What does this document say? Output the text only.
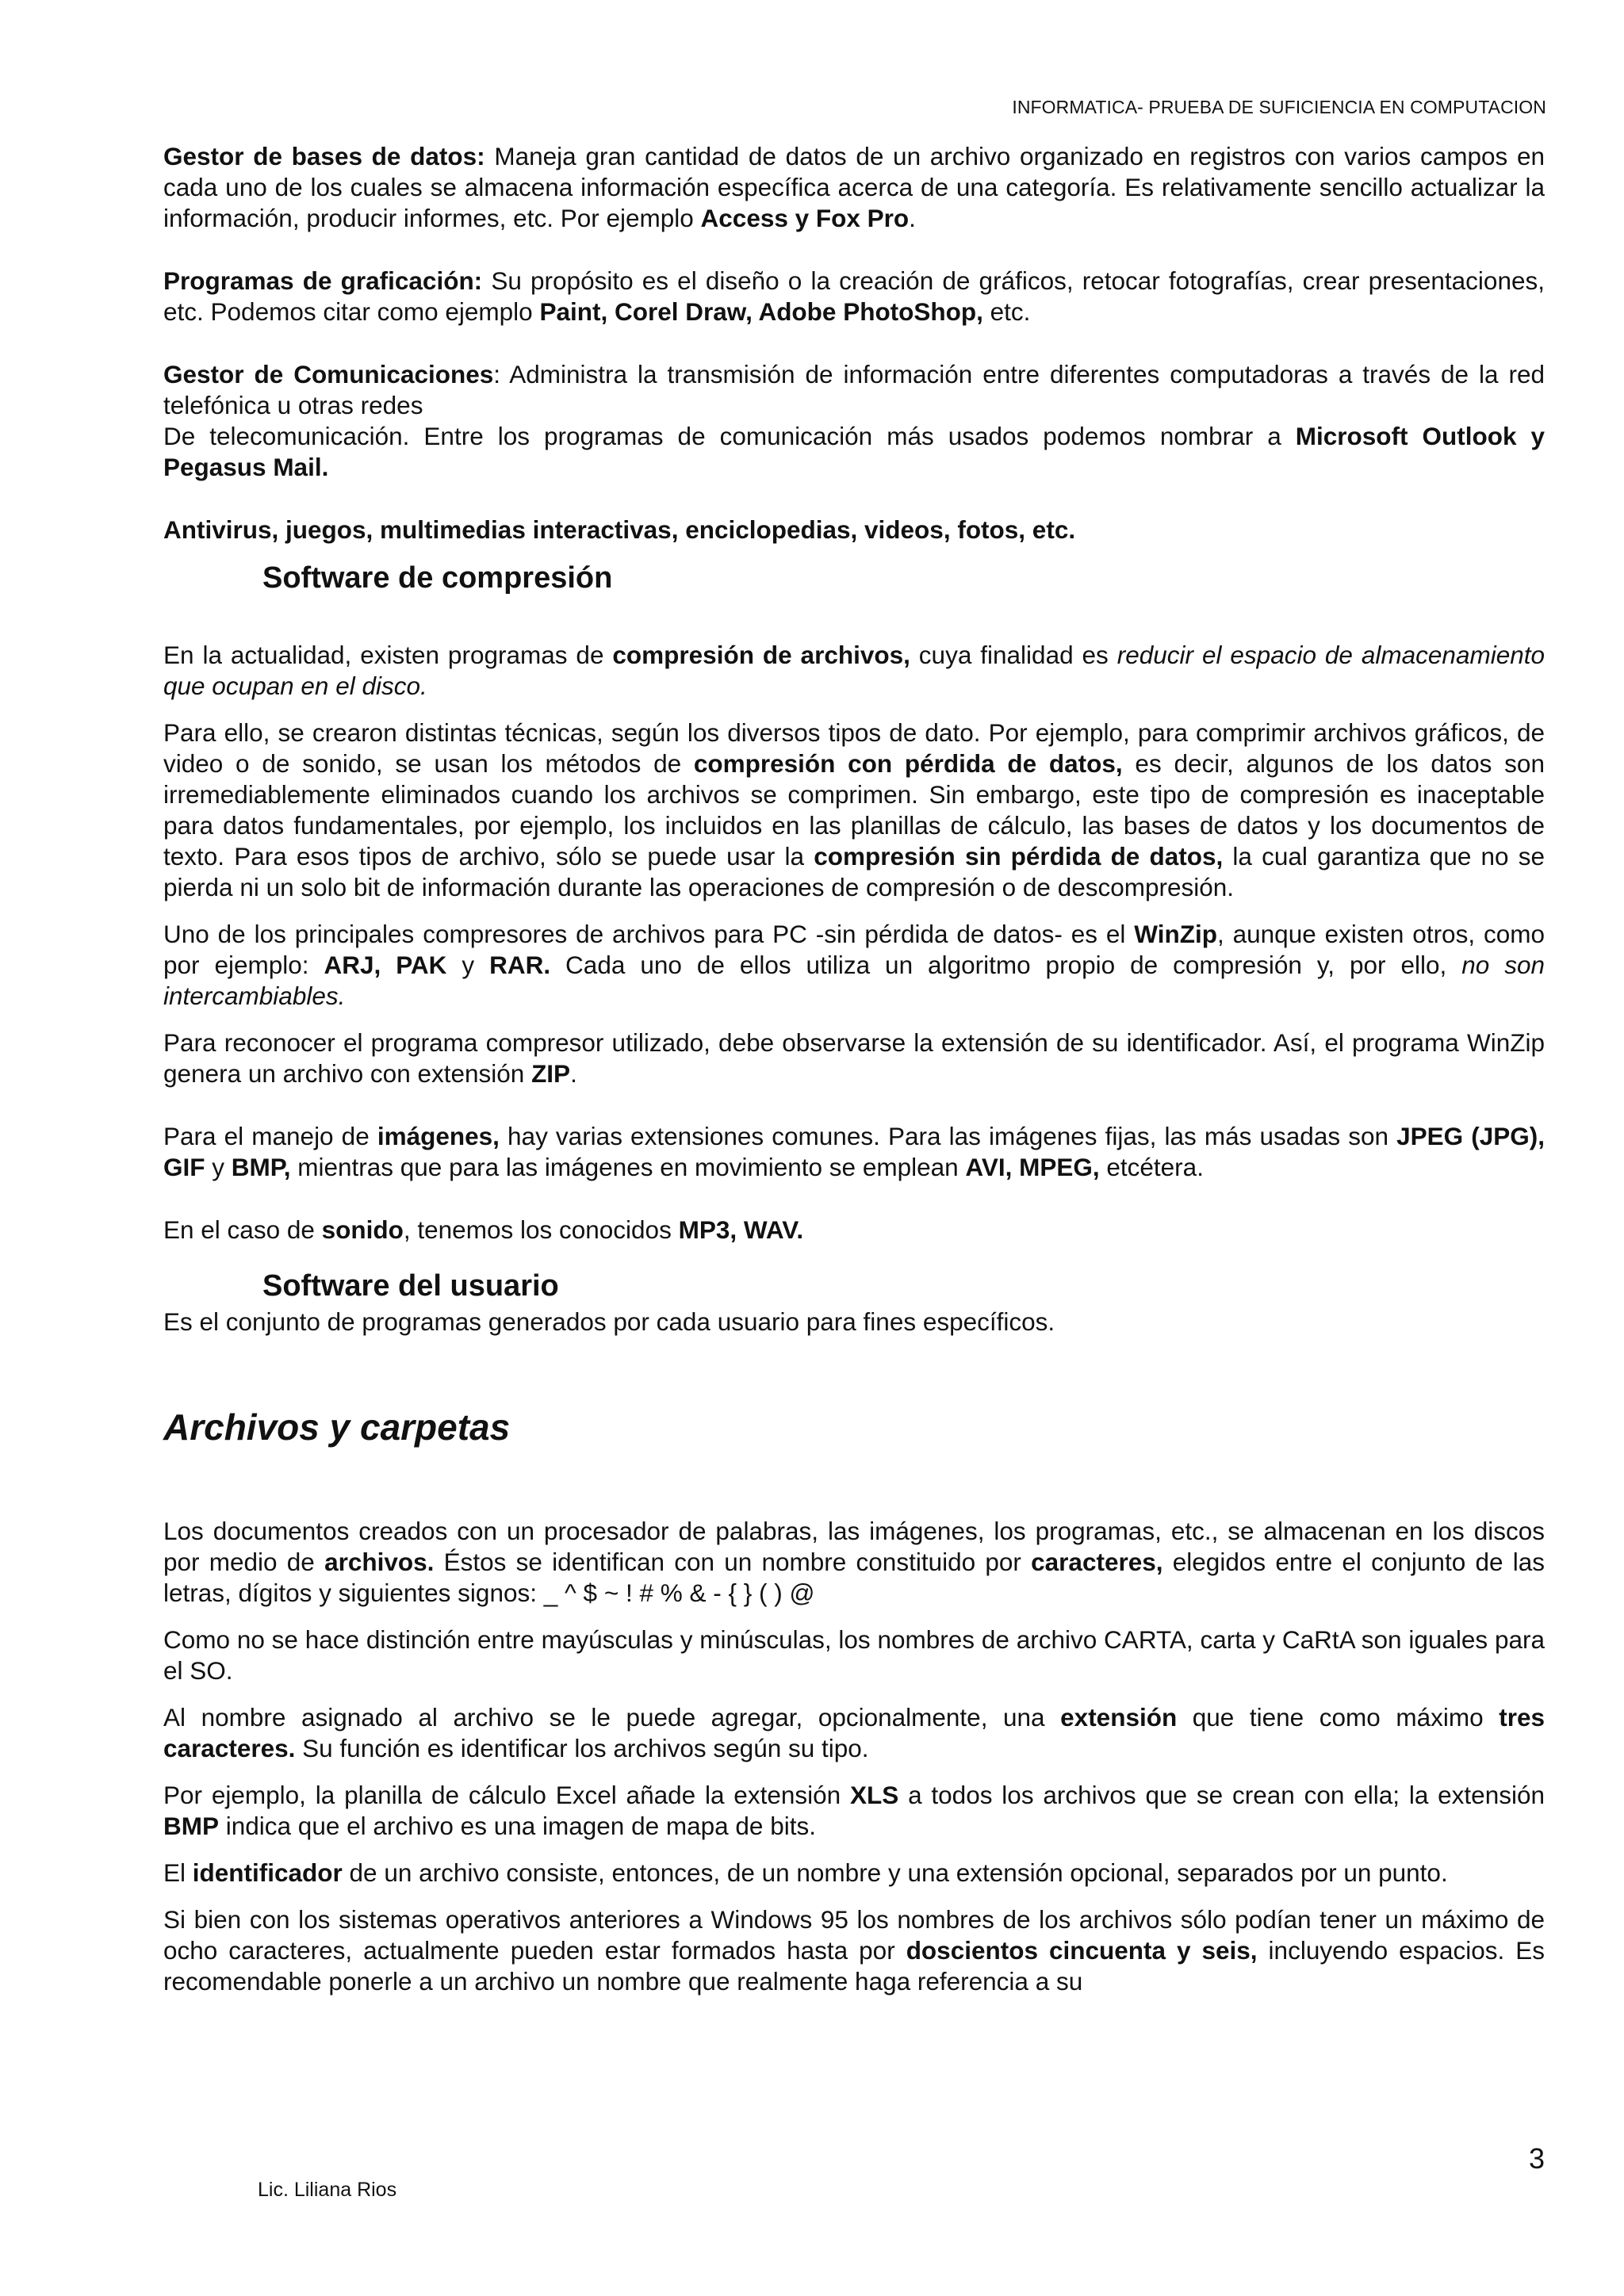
INFORMATICA- PRUEBA DE SUFICIENCIA EN COMPUTACION

Gestor de bases de datos: Maneja gran cantidad de datos de un archivo organizado en registros con varios campos en cada uno de los cuales se almacena información específica acerca de una categoría. Es relativamente sencillo actualizar la información, producir informes, etc. Por ejemplo Access y Fox Pro.

Programas de graficación: Su propósito es el diseño o la creación de gráficos, retocar fotografías, crear presentaciones, etc. Podemos citar como ejemplo Paint, Corel Draw, Adobe PhotoShop, etc.

Gestor de Comunicaciones: Administra la transmisión de información entre diferentes computadoras a través de la red telefónica u otras redes
De telecomunicación. Entre los programas de comunicación más usados podemos nombrar a Microsoft Outlook y Pegasus Mail.

Antivirus, juegos, multimedias interactivas, enciclopedias, videos, fotos, etc.

Software de compresión

En la actualidad, existen programas de compresión de archivos, cuya finalidad es reducir el espacio de almacenamiento que ocupan en el disco.

Para ello, se crearon distintas técnicas, según los diversos tipos de dato. Por ejemplo, para comprimir archivos gráficos, de video o de sonido, se usan los métodos de compresión con pérdida de datos, es decir, algunos de los datos son irremediablemente eliminados cuando los archivos se comprimen. Sin embargo, este tipo de compresión es inaceptable para datos fundamentales, por ejemplo, los incluidos en las planillas de cálculo, las bases de datos y los documentos de texto. Para esos tipos de archivo, sólo se puede usar la compresión sin pérdida de datos, la cual garantiza que no se pierda ni un solo bit de información durante las operaciones de compresión o de descompresión.

Uno de los principales compresores de archivos para PC -sin pérdida de datos- es el WinZip, aunque existen otros, como por ejemplo: ARJ, PAK y RAR. Cada uno de ellos utiliza un algoritmo propio de compresión y, por ello, no son intercambiables.

Para reconocer el programa compresor utilizado, debe observarse la extensión de su identificador. Así, el programa WinZip genera un archivo con extensión ZIP.

Para el manejo de imágenes, hay varias extensiones comunes. Para las imágenes fijas, las más usadas son JPEG (JPG), GIF y BMP, mientras que para las imágenes en movimiento se emplean AVI, MPEG, etcétera.

En el caso de sonido, tenemos los conocidos MP3, WAV.

Software del usuario

Es el conjunto de programas generados por cada usuario para fines específicos.

Archivos y carpetas

Los documentos creados con un procesador de palabras, las imágenes, los programas, etc., se almacenan en los discos por medio de archivos. Éstos se identifican con un nombre constituido por caracteres, elegidos entre el conjunto de las letras, dígitos y siguientes signos: _ ^ $ ~ ! # % & - { } ( ) @

Como no se hace distinción entre mayúsculas y minúsculas, los nombres de archivo CARTA, carta y CaRtA son iguales para el SO.

Al nombre asignado al archivo se le puede agregar, opcionalmente, una extensión que tiene como máximo tres caracteres. Su función es identificar los archivos según su tipo.

Por ejemplo, la planilla de cálculo Excel añade la extensión XLS a todos los archivos que se crean con ella; la extensión BMP indica que el archivo es una imagen de mapa de bits.

El identificador de un archivo consiste, entonces, de un nombre y una extensión opcional, separados por un punto.

Si bien con los sistemas operativos anteriores a Windows 95 los nombres de los archivos sólo podían tener un máximo de ocho caracteres, actualmente pueden estar formados hasta por doscientos cincuenta y seis, incluyendo espacios. Es recomendable ponerle a un archivo un nombre que realmente haga referencia a su

3
Lic. Liliana Rios
